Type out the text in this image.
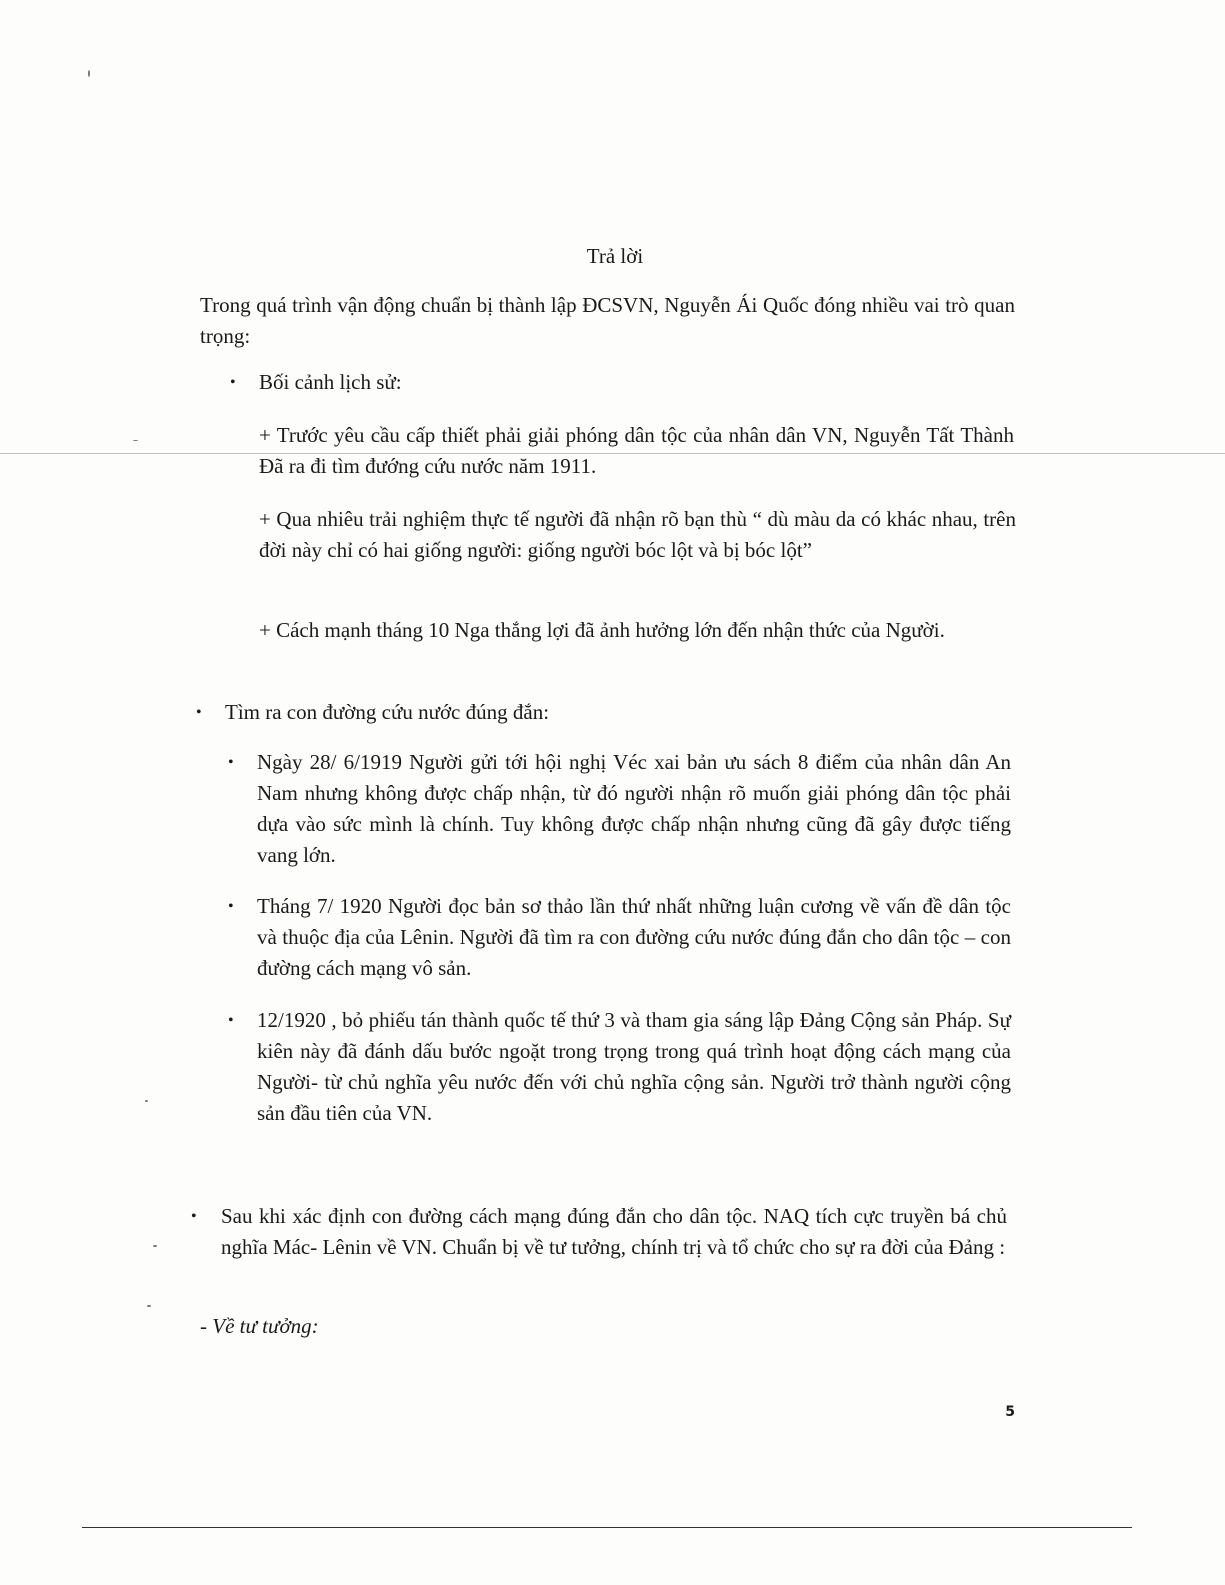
Trả lời

Trong quá trình vận động chuẩn bị thành lập ĐCSVN, Nguyễn Ái Quốc đóng nhiều vai trò quan trọng:

• Bối cảnh lịch sử:

+ Trước yêu cầu cấp thiết phải giải phóng dân tộc của nhân dân VN, Nguyễn Tất Thành Đã ra đi tìm đướng cứu nước năm 1911.

+ Qua nhiêu trải nghiệm thực tế người đã nhận rõ bạn thù “ dù màu da có khác nhau, trên đời này chỉ có hai giống người: giống người bóc lột và bị bóc lột”

+ Cách mạnh tháng 10 Nga thắng lợi đã ảnh hưởng lớn đến nhận thức của Người.

• Tìm ra con đường cứu nước đúng đắn:

• Ngày 28/ 6/1919 Người gửi tới hội nghị Véc xai bản ưu sách 8 điểm của nhân dân An Nam nhưng không được chấp nhận, từ đó người nhận rõ muốn giải phóng dân tộc phải dựa vào sức mình là chính. Tuy không được chấp nhận nhưng cũng đã gây được tiếng vang lớn.

• Tháng 7/ 1920 Người đọc bản sơ thảo lần thứ nhất những luận cương về vấn đề dân tộc và thuộc địa của Lênin. Người đã tìm ra con đường cứu nước đúng đắn cho dân tộc – con đường cách mạng vô sản.

• 12/1920 , bỏ phiếu tán thành quốc tế thứ 3 và tham gia sáng lập Đảng Cộng sản Pháp. Sự kiên này đã đánh dấu bước ngoặt trong trọng trong quá trình hoạt động cách mạng của Người- từ chủ nghĩa yêu nước đến với chủ nghĩa cộng sản. Người trở thành người cộng sản đầu tiên của VN.

• Sau khi xác định con đường cách mạng đúng đắn cho dân tộc. NAQ tích cực truyền bá chủ nghĩa Mác- Lênin về VN. Chuẩn bị về tư tưởng, chính trị và tổ chức cho sự ra đời của Đảng :

- Về tư tưởng:
5
